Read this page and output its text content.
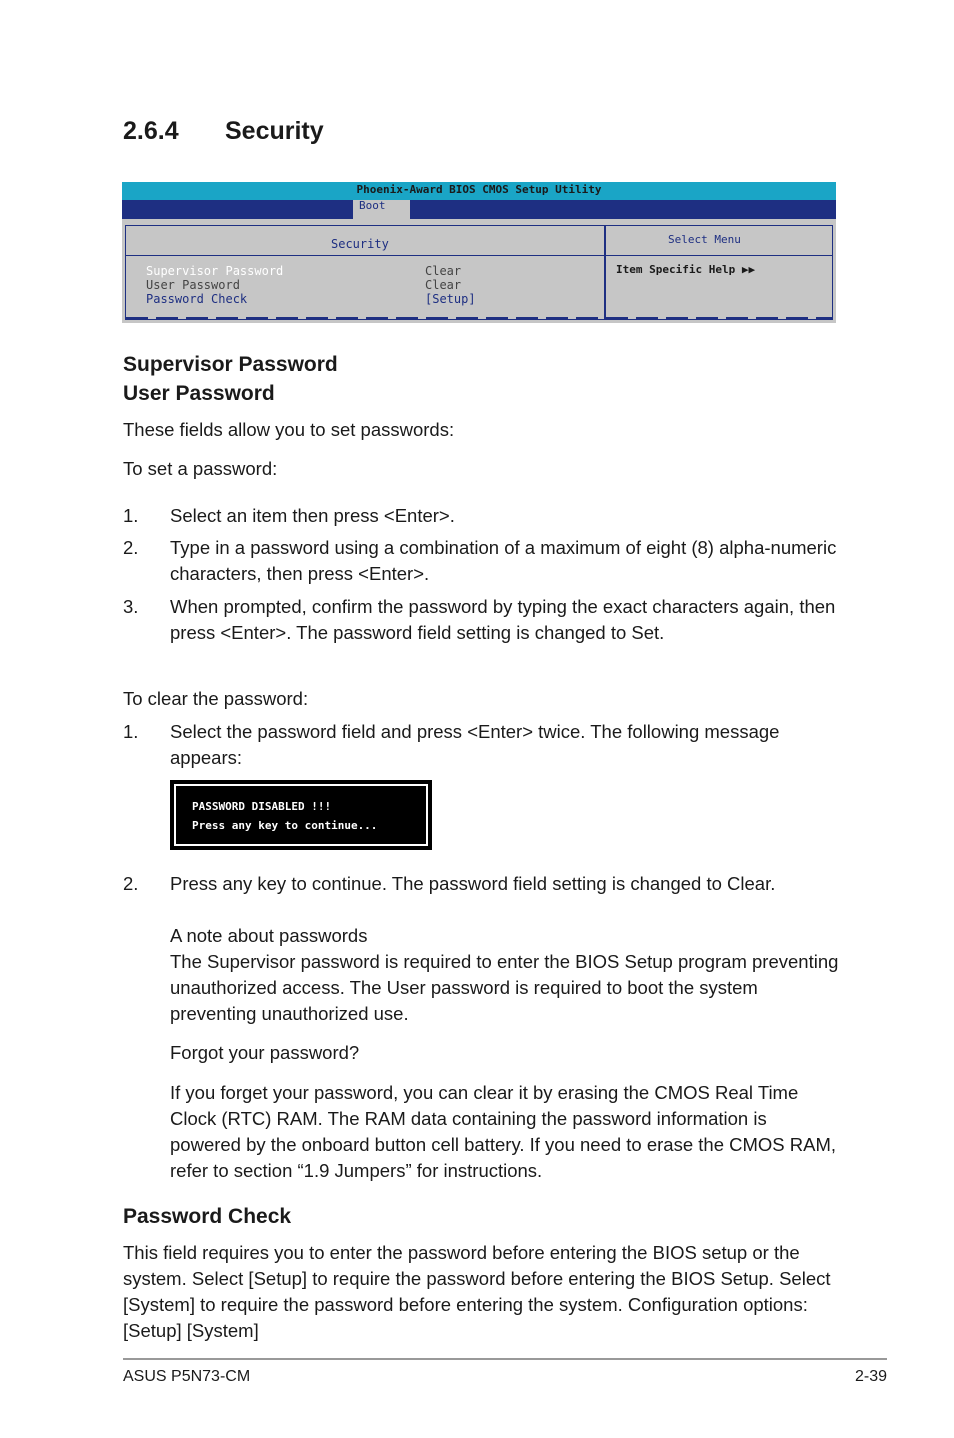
2.6.4 Security
Phoenix-Award BIOS CMOS Setup Utility
Boot
Security	Select Menu
Supervisor Password	Clear
User Password	Clear
Password Check	[Setup]
Item Specific Help ▶▶
Supervisor Password
User Password
These fields allow you to set passwords:
To set a password:
1. Select an item then press <Enter>.
2. Type in a password using a combination of a maximum of eight (8) alpha-numeric characters, then press <Enter>.
3. When prompted, confirm the password by typing the exact characters again, then press <Enter>. The password field setting is changed to Set.
To clear the password:
1. Select the password field and press <Enter> twice. The following message appears:
PASSWORD DISABLED !!!
Press any key to continue...
2. Press any key to continue. The password field setting is changed to Clear.
A note about passwords
The Supervisor password is required to enter the BIOS Setup program preventing unauthorized access. The User password is required to boot the system preventing unauthorized use.
Forgot your password?
If you forget your password, you can clear it by erasing the CMOS Real Time Clock (RTC) RAM. The RAM data containing the password information is powered by the onboard button cell battery. If you need to erase the CMOS RAM, refer to section “1.9 Jumpers” for instructions.
Password Check
This field requires you to enter the password before entering the BIOS setup or the system. Select [Setup] to require the password before entering the BIOS Setup. Select [System] to require the password before entering the system. Configuration options: [Setup] [System]
ASUS P5N73-CM	2-39
